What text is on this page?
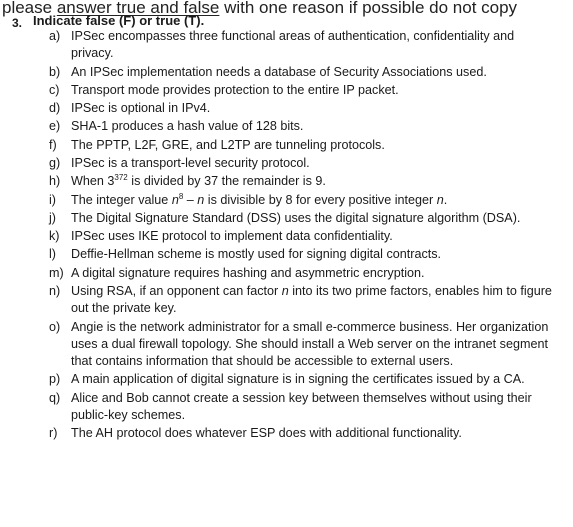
please answer true and false with one reason if possible do not copy
3. Indicate false (F) or true (T).
a) IPSec encompasses three functional areas of authentication, confidentiality and privacy.
b) An IPSec implementation needs a database of Security Associations used.
c) Transport mode provides protection to the entire IP packet.
d) IPSec is optional in IPv4.
e) SHA-1 produces a hash value of 128 bits.
f)	The PPTP, L2F, GRE, and L2TP are tunneling protocols.
g) IPSec is a transport-level security protocol.
h) When $3^{372}$ is divided by 37 the remainder is 9.
i)	The integer value $n^8$ – n is divisible by 8 for every positive integer n.
j)	The Digital Signature Standard (DSS) uses the digital signature algorithm (DSA).
k) IPSec uses IKE protocol to implement data confidentiality.
l)	Deffie-Hellman scheme is mostly used for signing digital contracts.
m) A digital signature requires hashing and asymmetric encryption.
n) Using RSA, if an opponent can factor n into its two prime factors, enables him to figure out the private key.
o) Angie is the network administrator for a small e-commerce business. Her organization uses a dual firewall topology. She should install a Web server on the intranet segment that contains information that should be accessible to external users.
p) A main application of digital signature is in signing the certificates issued by a CA.
q) Alice and Bob cannot create a session key between themselves without using their public-key schemes.
r)	The AH protocol does whatever ESP does with additional functionality.
